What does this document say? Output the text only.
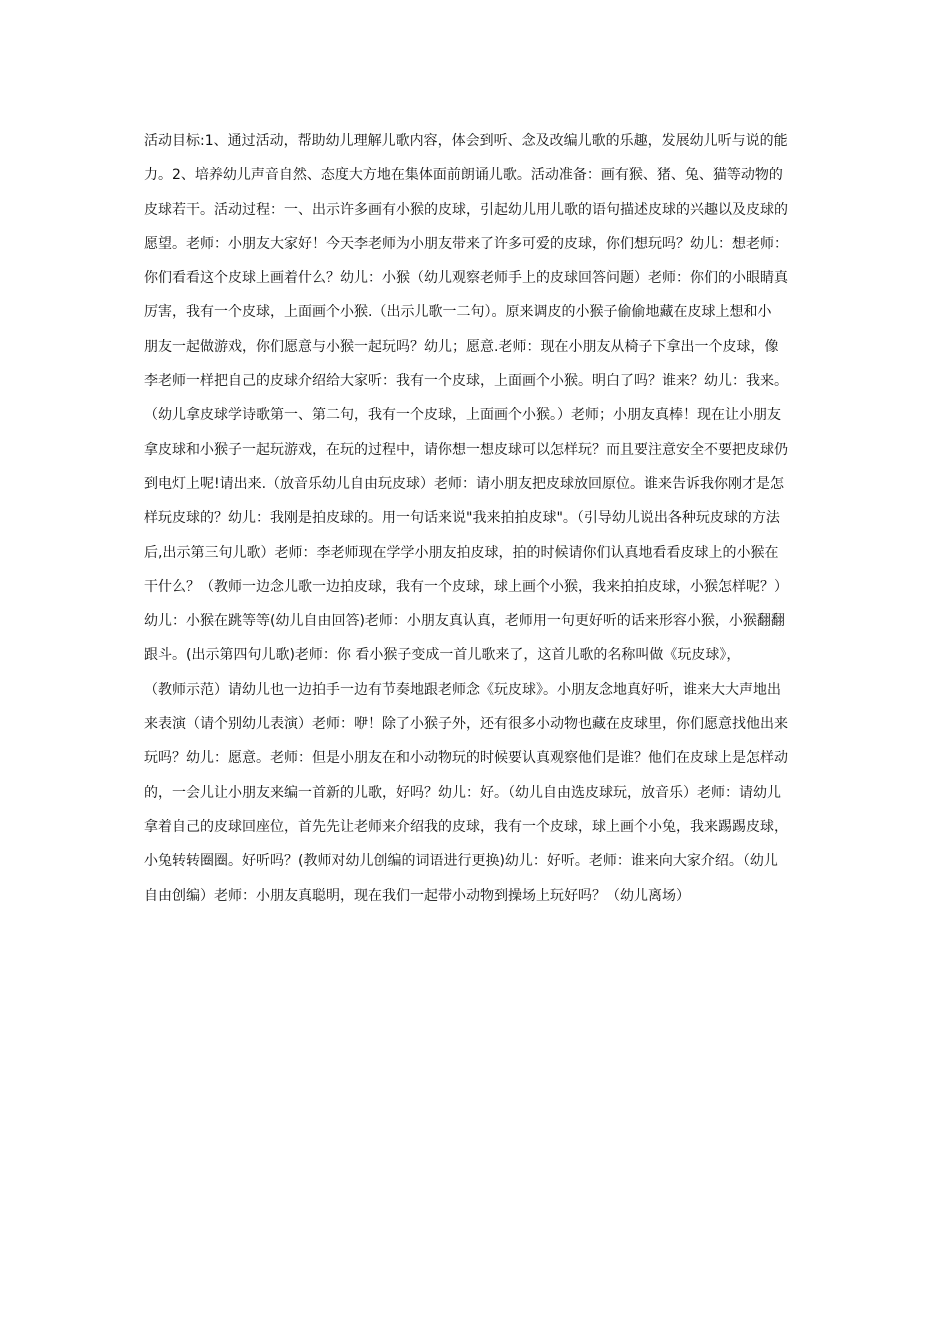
活动目标:1、通过活动，帮助幼儿理解儿歌内容，体会到听、念及改编儿歌的乐趣，发展幼儿听与说的能
力。2、培养幼儿声音自然、态度大方地在集体面前朗诵儿歌。活动准备：画有猴、猪、兔、猫等动物的
皮球若干。活动过程：一、出示许多画有小猴的皮球，引起幼儿用儿歌的语句描述皮球的兴趣以及皮球的
愿望。老师：小朋友大家好！今天李老师为小朋友带来了许多可爱的皮球，你们想玩吗？幼儿：想老师：
你们看看这个皮球上画着什么？幼儿：小猴（幼儿观察老师手上的皮球回答问题）老师：你们的小眼睛真
厉害，我有一个皮球，上面画个小猴.（出示儿歌一二句）。原来调皮的小猴子偷偷地藏在皮球上想和小
朋友一起做游戏，你们愿意与小猴一起玩吗？幼儿；愿意.老师：现在小朋友从椅子下拿出一个皮球，像
李老师一样把自己的皮球介绍给大家听：我有一个皮球，上面画个小猴。明白了吗？谁来？幼儿：我来。
（幼儿拿皮球学诗歌第一、第二句，我有一个皮球，上面画个小猴。）老师；小朋友真棒！现在让小朋友
拿皮球和小猴子一起玩游戏，在玩的过程中，请你想一想皮球可以怎样玩？而且要注意安全不要把皮球仍
到电灯上呢!请出来.（放音乐幼儿自由玩皮球）老师：请小朋友把皮球放回原位。谁来告诉我你刚才是怎
样玩皮球的？幼儿：我刚是拍皮球的。用一句话来说"我来拍拍皮球"。（引导幼儿说出各种玩皮球的方法
后,出示第三句儿歌）老师：李老师现在学学小朋友拍皮球，拍的时候请你们认真地看看皮球上的小猴在
干什么？（教师一边念儿歌一边拍皮球，我有一个皮球，球上画个小猴，我来拍拍皮球，小猴怎样呢？）
幼儿：小猴在跳等等(幼儿自由回答)老师：小朋友真认真，老师用一句更好听的话来形容小猴，小猴翻翻
跟斗。(出示第四句儿歌)老师：你 看小猴子变成一首儿歌来了，这首儿歌的名称叫做《玩皮球》，
（教师示范）请幼儿也一边拍手一边有节奏地跟老师念《玩皮球》。小朋友念地真好听，谁来大大声地出
来表演（请个别幼儿表演）老师：咿！除了小猴子外，还有很多小动物也藏在皮球里，你们愿意找他出来
玩吗？幼儿：愿意。老师：但是小朋友在和小动物玩的时候要认真观察他们是谁？他们在皮球上是怎样动
的，一会儿让小朋友来编一首新的儿歌，好吗？幼儿：好。（幼儿自由选皮球玩，放音乐）老师：请幼儿
拿着自己的皮球回座位，首先先让老师来介绍我的皮球，我有一个皮球，球上画个小兔，我来踢踢皮球，
小兔转转圈圈。好听吗？(教师对幼儿创编的词语进行更换)幼儿：好听。老师：谁来向大家介绍。（幼儿
自由创编）老师：小朋友真聪明，现在我们一起带小动物到操场上玩好吗？（幼儿离场）
